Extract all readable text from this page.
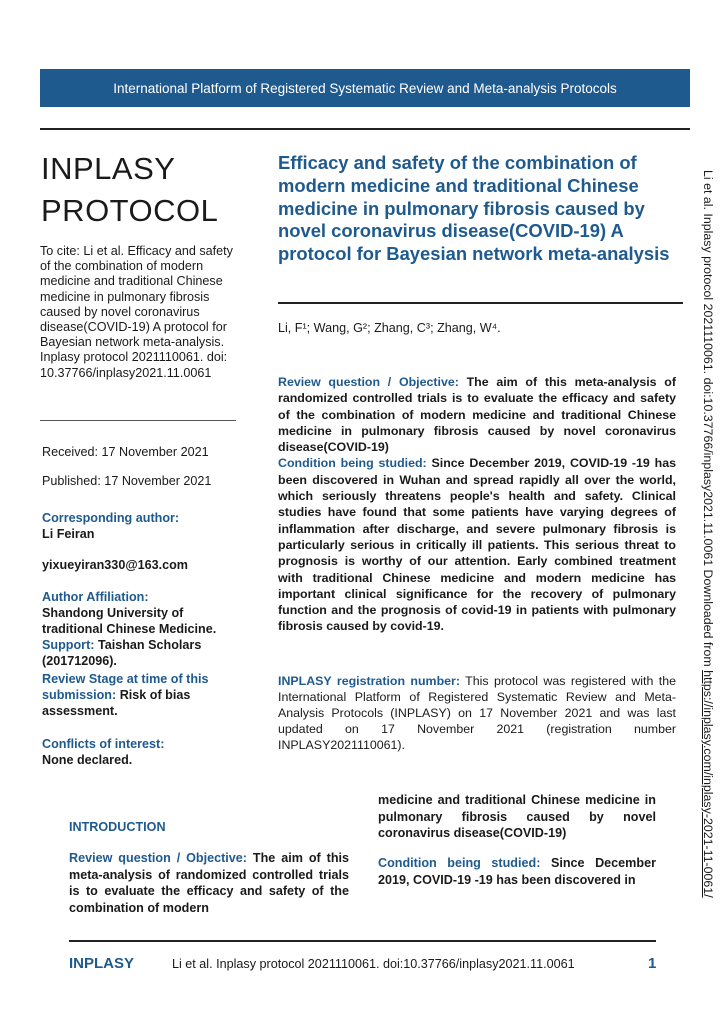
International Platform of Registered Systematic Review and Meta-analysis Protocols
INPLASY
PROTOCOL
To cite: Li et al. Efficacy and safety of the combination of modern medicine and traditional Chinese medicine in pulmonary fibrosis caused by novel coronavirus disease(COVID-19) A protocol for Bayesian network meta-analysis. Inplasy protocol 2021110061. doi: 10.37766/inplasy2021.11.0061
Received: 17 November 2021
Published: 17 November 2021
Corresponding author:
Li Feiran
yixueyiran330@163.com
Author Affiliation:
Shandong University of traditional Chinese Medicine.
Support: Taishan Scholars (201712096).
Review Stage at time of this submission: Risk of bias assessment.
Conflicts of interest:
None declared.
Efficacy and safety of the combination of modern medicine and traditional Chinese medicine in pulmonary fibrosis caused by novel coronavirus disease(COVID-19) A protocol for Bayesian network meta-analysis
Li, F¹; Wang, G²; Zhang, C³; Zhang, W⁴.
Review question / Objective: The aim of this meta-analysis of randomized controlled trials is to evaluate the efficacy and safety of the combination of modern medicine and traditional Chinese medicine in pulmonary fibrosis caused by novel coronavirus disease(COVID-19)
Condition being studied: Since December 2019, COVID-19 -19 has been discovered in Wuhan and spread rapidly all over the world, which seriously threatens people's health and safety. Clinical studies have found that some patients have varying degrees of inflammation after discharge, and severe pulmonary fibrosis is particularly serious in critically ill patients. This serious threat to prognosis is worthy of our attention. Early combined treatment with traditional Chinese medicine and modern medicine has important clinical significance for the recovery of pulmonary function and the prognosis of covid-19 in patients with pulmonary fibrosis caused by covid-19.
INPLASY registration number: This protocol was registered with the International Platform of Registered Systematic Review and Meta-Analysis Protocols (INPLASY) on 17 November 2021 and was last updated on 17 November 2021 (registration number INPLASY2021110061).
Li et al. Inplasy protocol 2021110061. doi:10.37766/inplasy2021.11.0061 Downloaded from https://inplasy.com/inplasy-2021-11-0061/
INTRODUCTION
Review question / Objective: The aim of this meta-analysis of randomized controlled trials is to evaluate the efficacy and safety of the combination of modern
medicine and traditional Chinese medicine in pulmonary fibrosis caused by novel coronavirus disease(COVID-19)
Condition being studied: Since December 2019, COVID-19 -19 has been discovered in
INPLASY	Li et al. Inplasy protocol 2021110061. doi:10.37766/inplasy2021.11.0061	1
